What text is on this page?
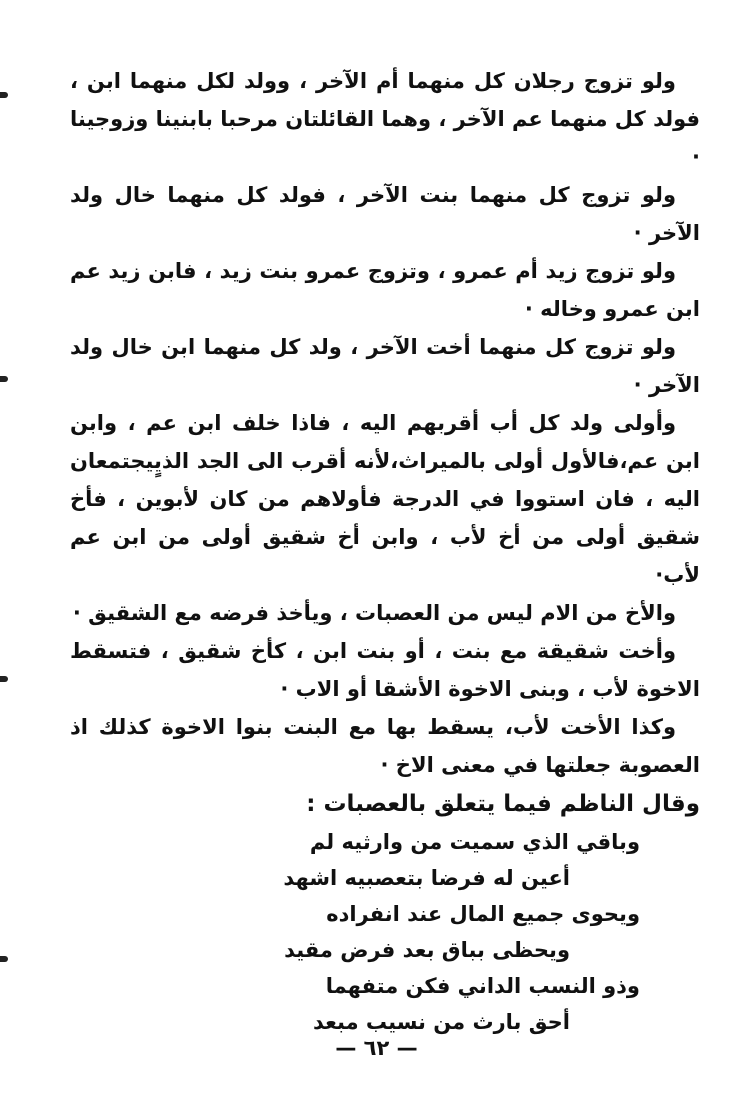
ولو تزوج رجلان كل منهما أم الآخر ، وولد لكل منهما ابن ، فولد كل منهما عم الآخر ، وهما القائلتان مرحبا بابنينا وزوجينا ·

ولو تزوج كل منهما بنت الآخر ، فولد كل منهما خال ولد الآخر ·

ولو تزوج زيد أم عمرو ، وتزوج عمرو بنت زيد ، فابن زيد عم ابن عمرو وخاله ·

ولو تزوج كل منهما أخت الآخر ، ولد كل منهما ابن خال ولد الآخر ·

وأولى ولد كل أب أقربهم اليه ، فاذا خلف ابن عم ، وابن ابن عم،فالأول أولى بالميراث،لأنه أقرب الى الجد الذيٍيجتمعان اليه ، فان استووا في الدرجة فأولاهم من كان لأبوين ، فأخ شقيق أولى من أخ لأب ، وابن أخ شقيق أولى من ابن عم لأب·

والأخ من الام ليس من العصبات ، ويأخذ فرضه مع الشقيق ·

وأخت شقيقة مع بنت ، أو بنت ابن ، كأخ شقيق ، فتسقط الاخوة لأب ، وبنى الاخوة الأشقا أو الاب ·

وكذا الأخت لأب، يسقط بها مع البنت بنوا الاخوة كذلك اذ العصوبة جعلتها في معنى الاخ ·

وقال الناظم فيما يتعلق بالعصبات :

وباقي الذي سميت من وارثيه لم

أعين له فرضا بتعصبيه اشهد

ويحوى جميع المال عند انفراده

ويحظى بباق بعد فرض مقيد

وذو النسب الداني فكن متفهما

أحق بارث من نسيب مبعد

— ٦٢ —
